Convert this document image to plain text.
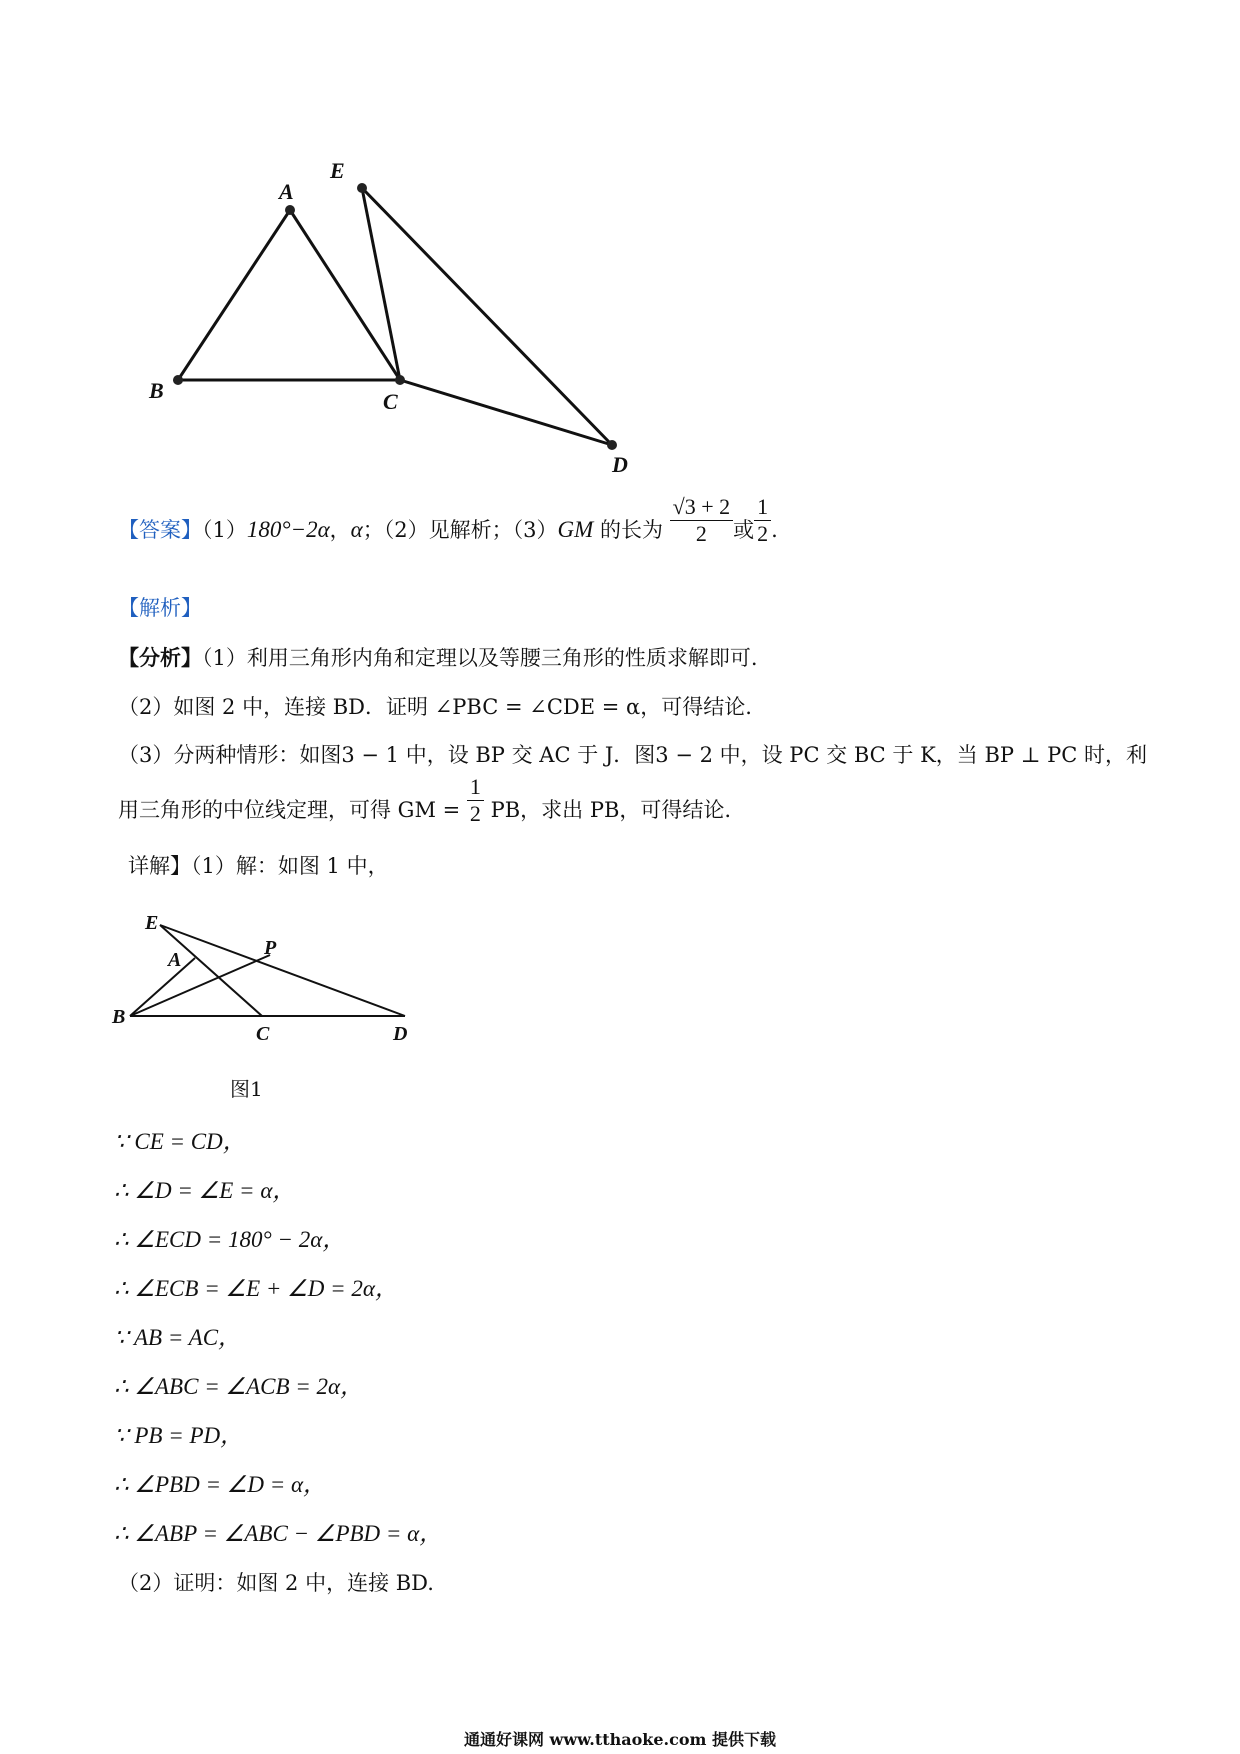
A
B	C
E
D
【答案】（1）180°−2α，α；（2）见解析；（3）GM 的长为 $\frac{√3 + 2}{2}$ 或 $\frac{1}{2}$ .
【解析】
【分析】（1）利用三角形内角和定理以及等腰三角形的性质求解即可.
（2）如图 2 中，连接 BD．证明 ∠PBC = ∠CDE = α，可得结论.
（3）分两种情形：如图3 − 1 中，设 BP 交 AC 于 J．图3 − 2 中，设 PC 交 BC 于 K，当 BP ⊥ PC 时，利
用三角形的中位线定理，可得 GM = $\frac{1}{2}$ PB，求出 PB，可得结论.
详解】（1）解：如图 1 中，
E
A
P
B
C	D
图1
∵ CE = CD，
∴ ∠D = ∠E = α，
∴ ∠ECD = 180° − 2α，
∴ ∠ECB = ∠E + ∠D = 2α，
∵ AB = AC，
∴ ∠ABC = ∠ACB = 2α，
∵ PB = PD，
∴ ∠PBD = ∠D = α，
∴ ∠ABP = ∠ABC − ∠PBD = α，
（2）证明：如图 2 中，连接 BD.
通通好课网 www.tthaoke.com 提供下载
